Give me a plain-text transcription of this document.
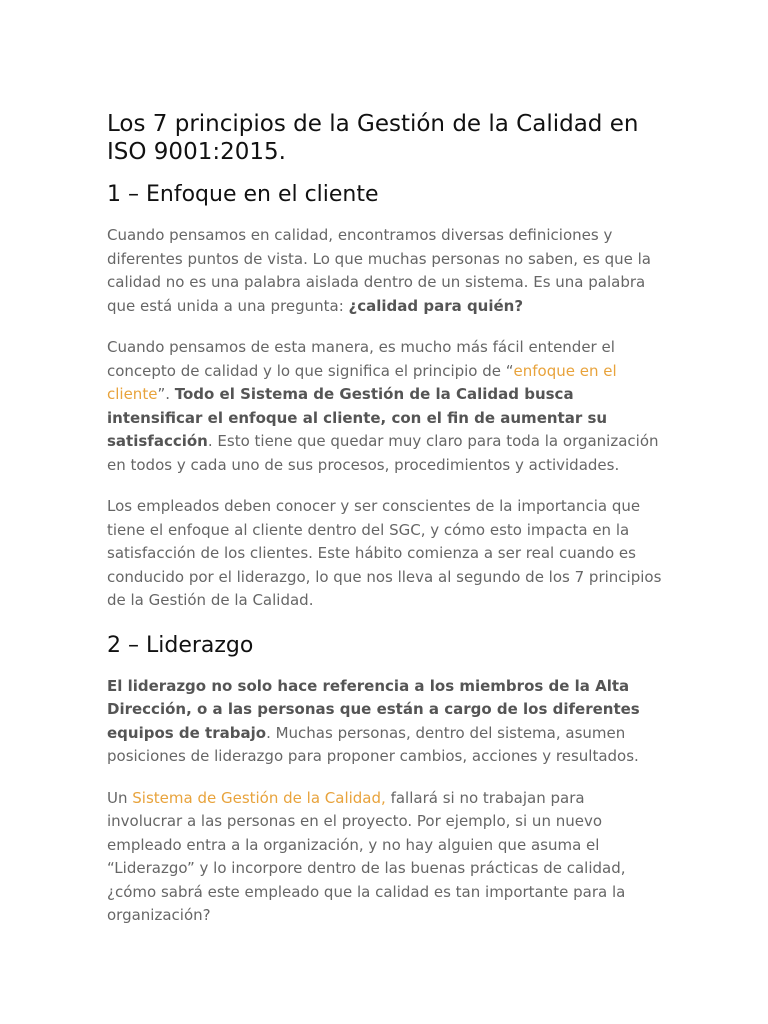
Los 7 principios de la Gestión de la Calidad en ISO 9001:2015.
1 – Enfoque en el cliente

Cuando pensamos en calidad, encontramos diversas definiciones y diferentes puntos de vista. Lo que muchas personas no saben, es que la calidad no es una palabra aislada dentro de un sistema. Es una palabra que está unida a una pregunta: ¿calidad para quién?

Cuando pensamos de esta manera, es mucho más fácil entender el concepto de calidad y lo que significa el principio de “enfoque en el cliente”. Todo el Sistema de Gestión de la Calidad busca intensificar el enfoque al cliente, con el fin de aumentar su satisfacción. Esto tiene que quedar muy claro para toda la organización en todos y cada uno de sus procesos, procedimientos y actividades.

Los empleados deben conocer y ser conscientes de la importancia que tiene el enfoque al cliente dentro del SGC, y cómo esto impacta en la satisfacción de los clientes. Este hábito comienza a ser real cuando es conducido por el liderazgo, lo que nos lleva al segundo de los 7 principios de la Gestión de la Calidad.

2 – Liderazgo

El liderazgo no solo hace referencia a los miembros de la Alta Dirección, o a las personas que están a cargo de los diferentes equipos de trabajo. Muchas personas, dentro del sistema, asumen posiciones de liderazgo para proponer cambios, acciones y resultados.

Un Sistema de Gestión de la Calidad, fallará si no trabajan para involucrar a las personas en el proyecto. Por ejemplo, si un nuevo empleado entra a la organización, y no hay alguien que asuma el “Liderazgo” y lo incorpore dentro de las buenas prácticas de calidad, ¿cómo sabrá este empleado que la calidad es tan importante para la organización?
